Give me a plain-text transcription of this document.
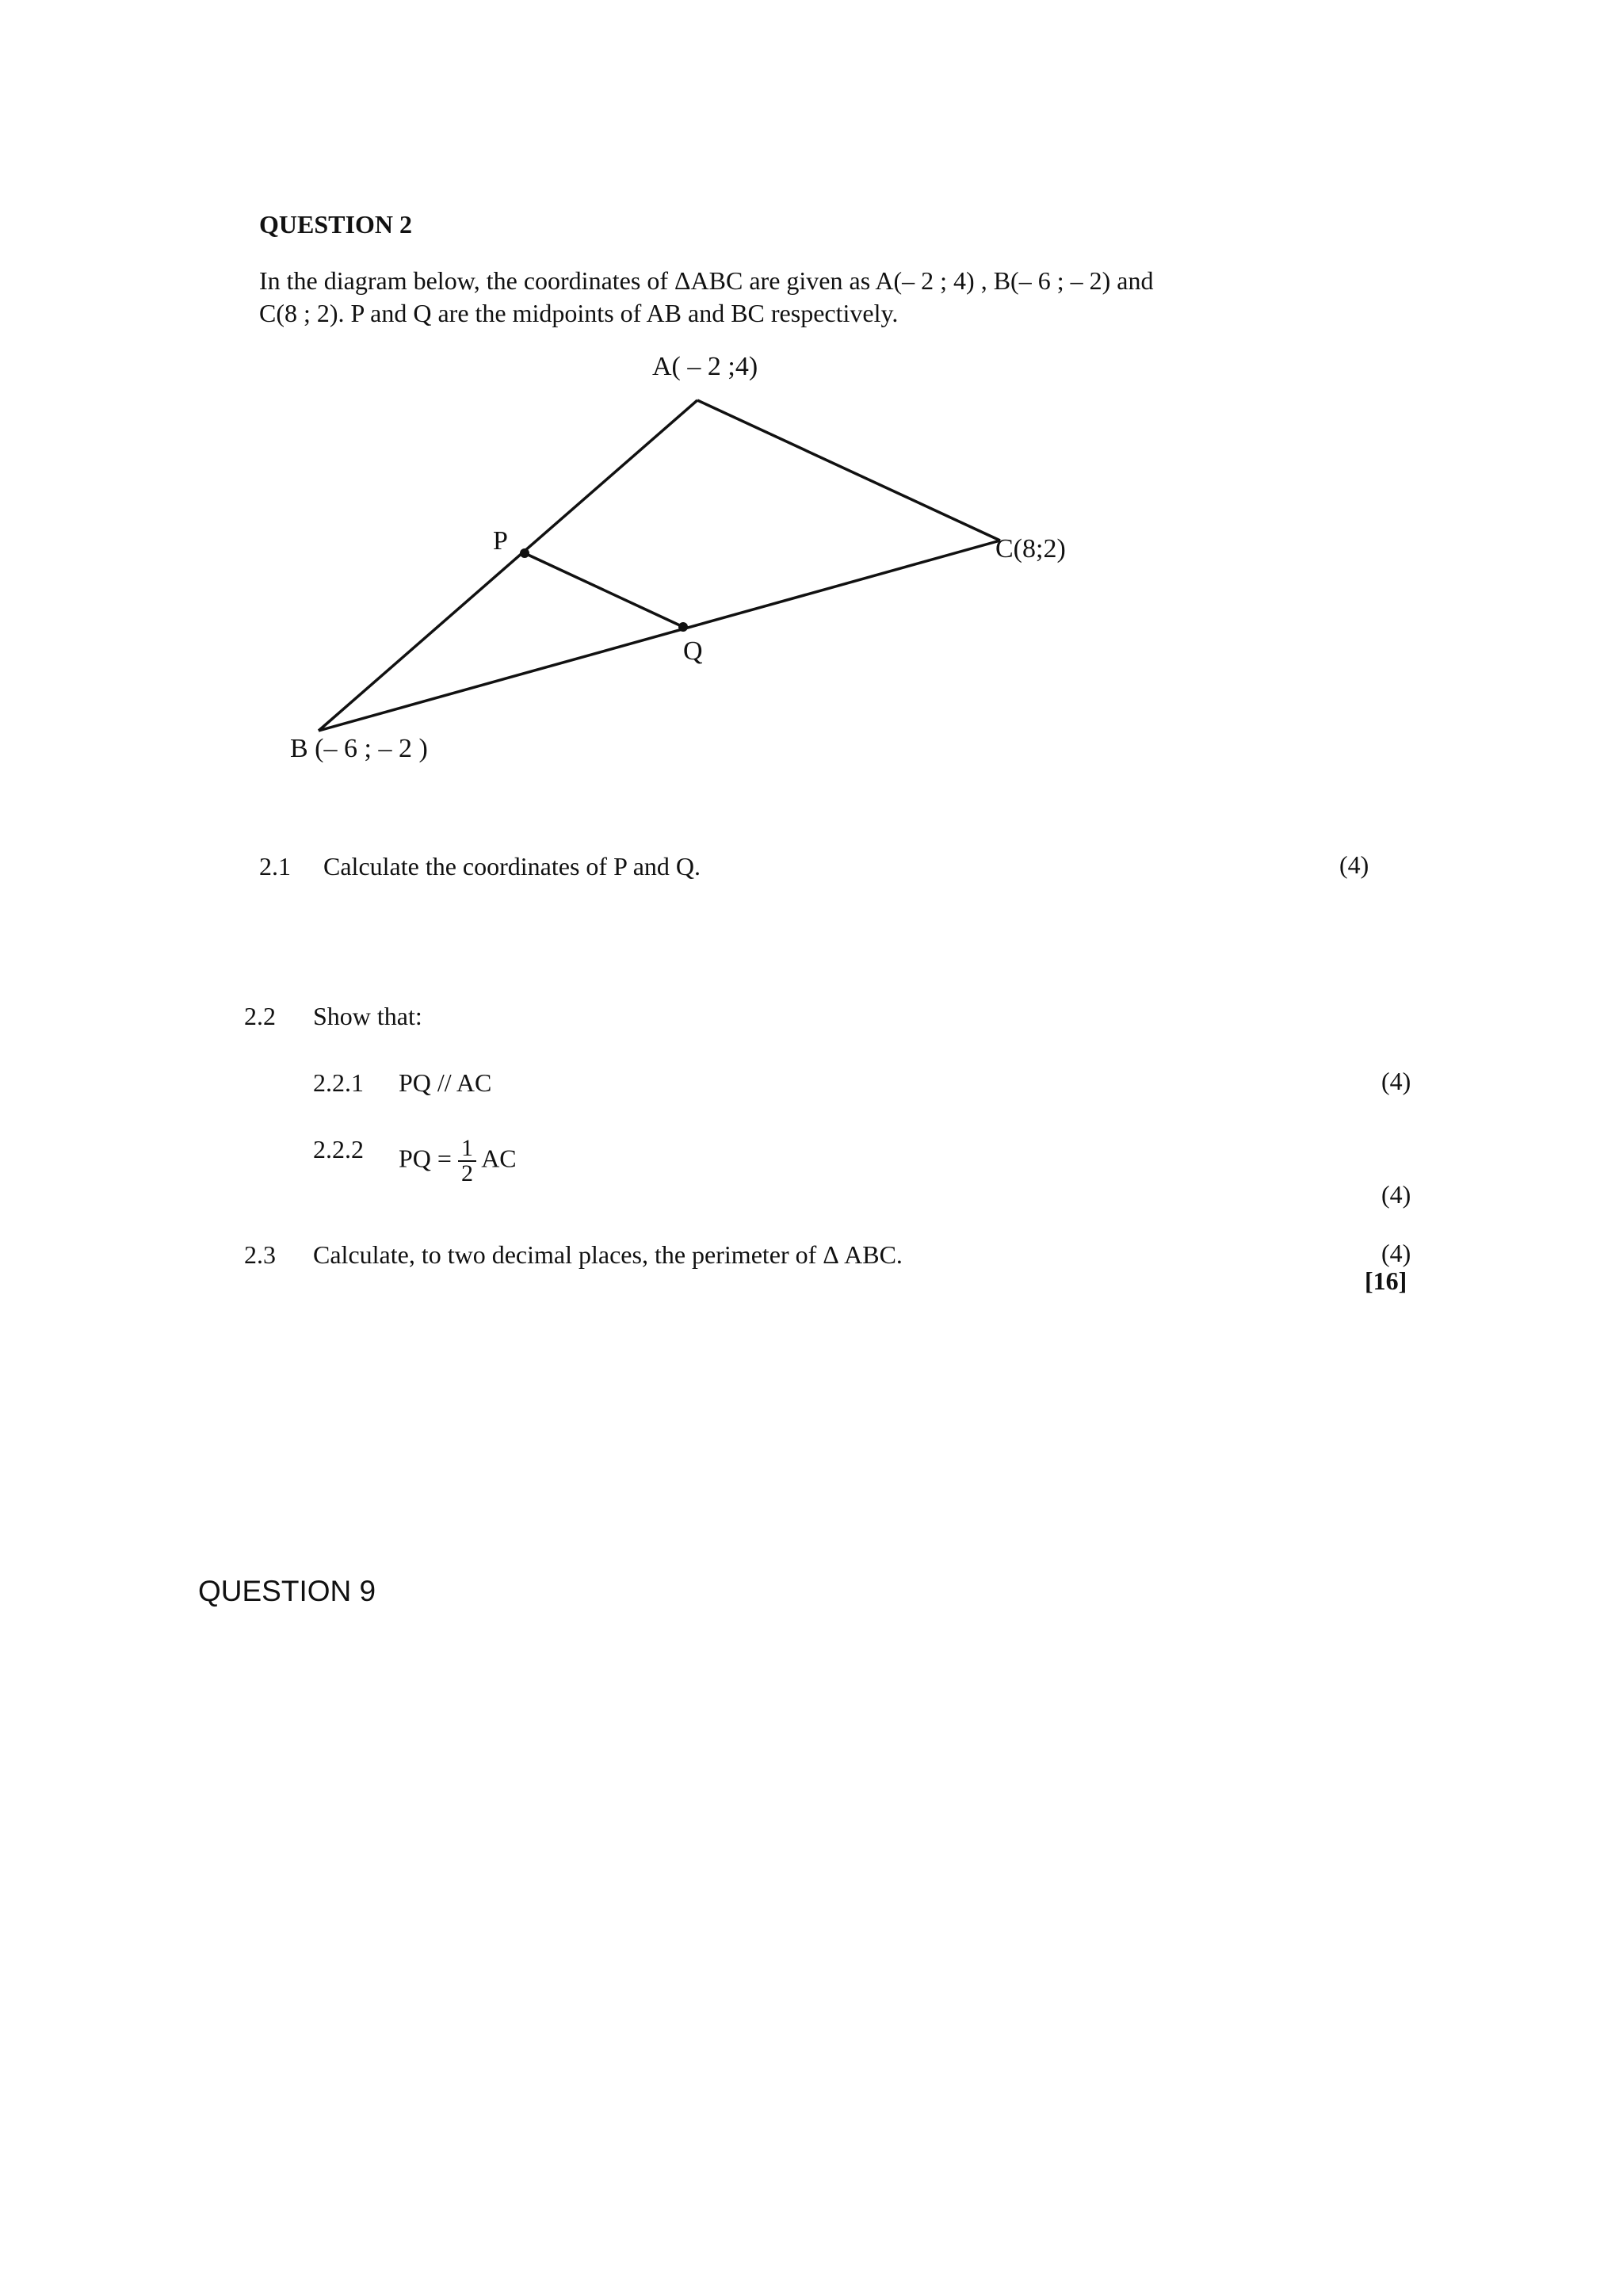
QUESTION 2
In the diagram below, the coordinates of ΔABC are given as A(– 2 ; 4) , B(– 6 ; – 2) and
C(8 ; 2). P and Q are the midpoints of AB and BC respectively.
A( – 2 ;4)
B (– 6 ; – 2 )
C(8;2)
P
Q
2.1 Calculate the coordinates of P and Q.	(4)
2.2 Show that:
2.2.1 PQ // AC	(4)
2.2.2 PQ = $\frac{1}{2}$ AC
(4)
2.3 Calculate, to two decimal places, the perimeter of Δ ABC.	(4)
[16]
QUESTION 9
